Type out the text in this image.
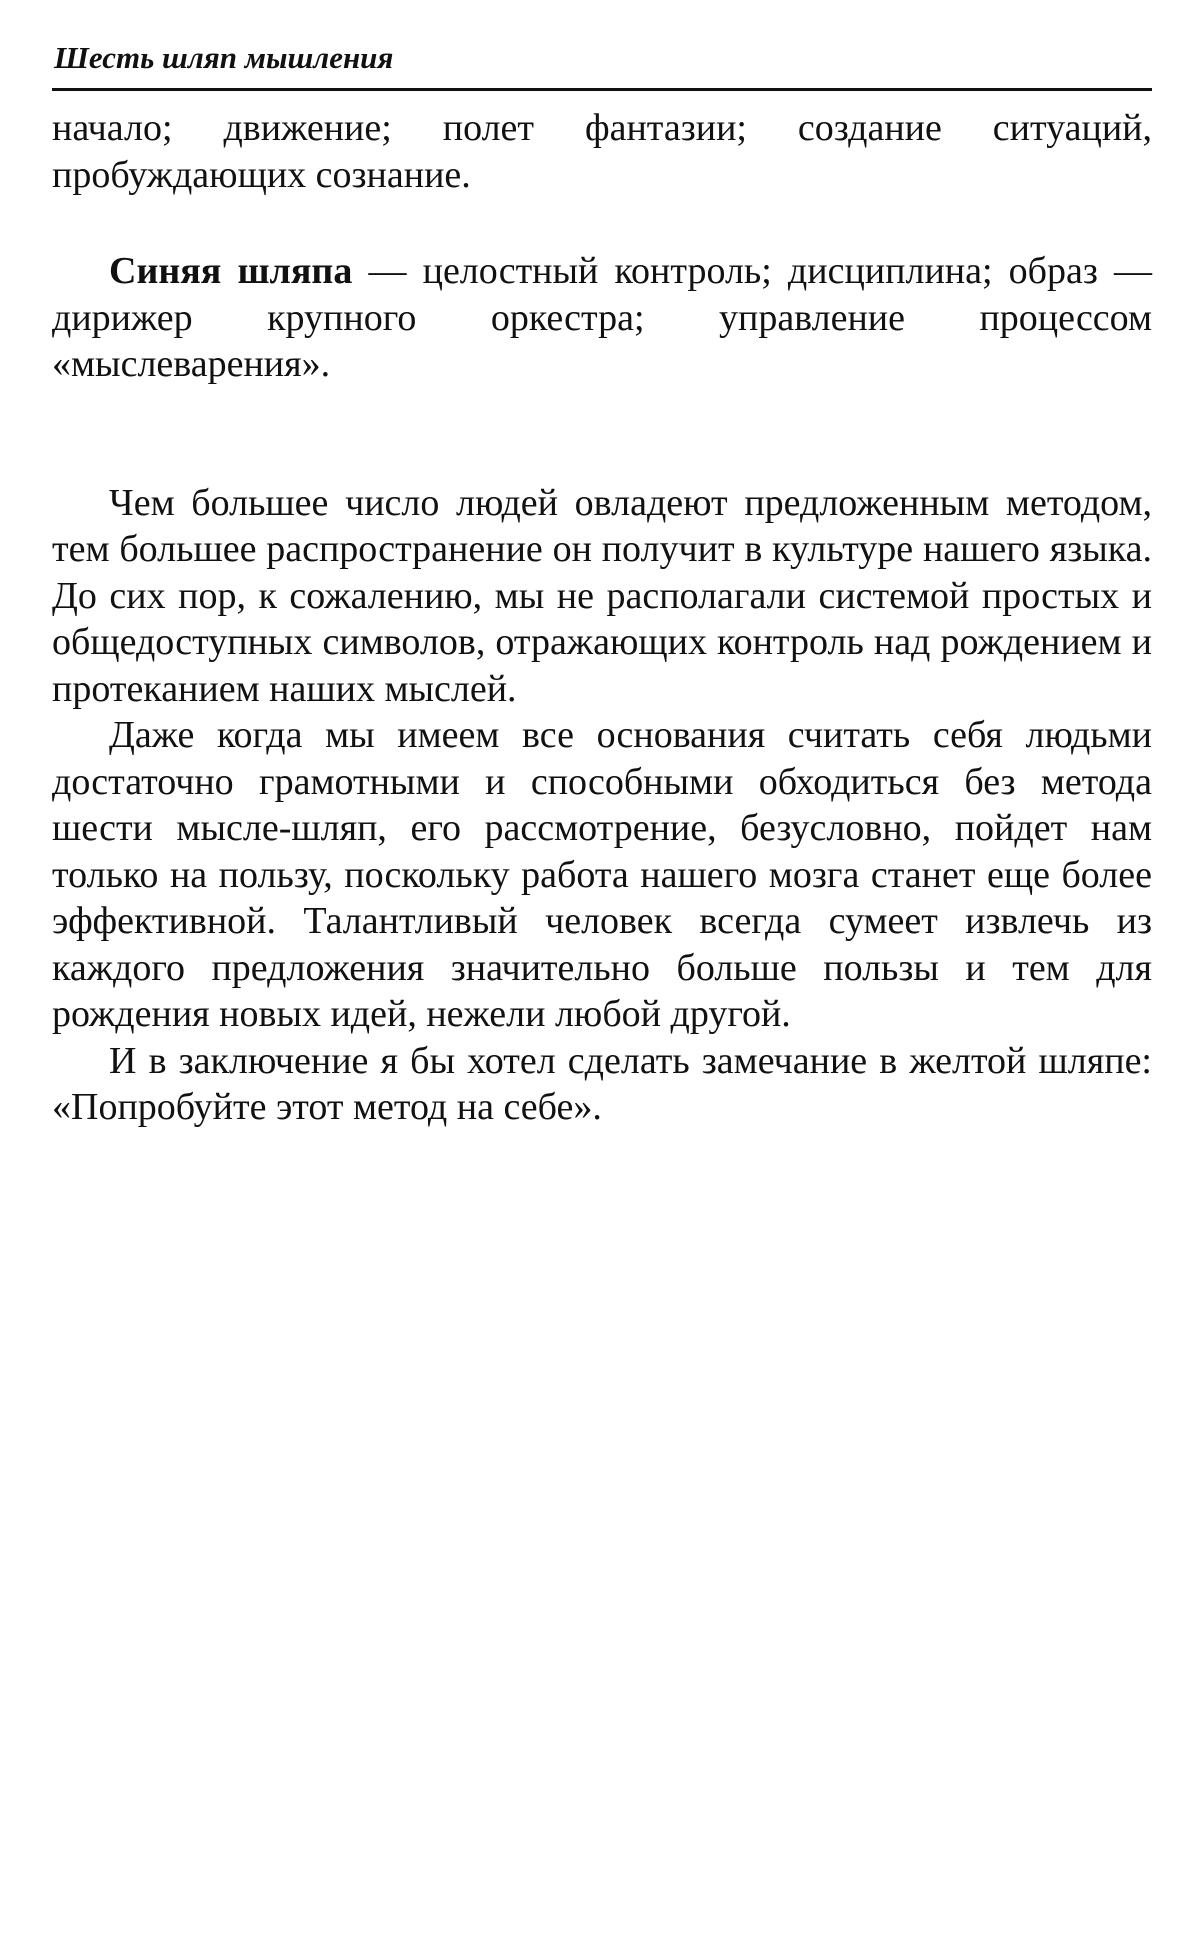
Шесть шляп мышления

начало; движение; полет фантазии; создание ситуаций, пробуждающих сознание.

Синяя шляпа — целостный контроль; дисциплина; образ — дирижер крупного оркестра; управление процессом «мыслеварения».

Чем большее число людей овладеют предложенным методом, тем большее распространение он получит в культуре нашего языка. До сих пор, к сожалению, мы не располагали системой простых и общедоступных символов, отражающих контроль над рождением и протеканием наших мыслей.

Даже когда мы имеем все основания считать себя людьми достаточно грамотными и способными обходиться без метода шести мысле-шляп, его рассмотрение, безусловно, пойдет нам только на пользу, поскольку работа нашего мозга станет еще более эффективной. Талантливый человек всегда сумеет извлечь из каждого предложения значительно больше пользы и тем для рождения новых идей, нежели любой другой.

И в заключение я бы хотел сделать замечание в желтой шляпе: «Попробуйте этот метод на себе».
